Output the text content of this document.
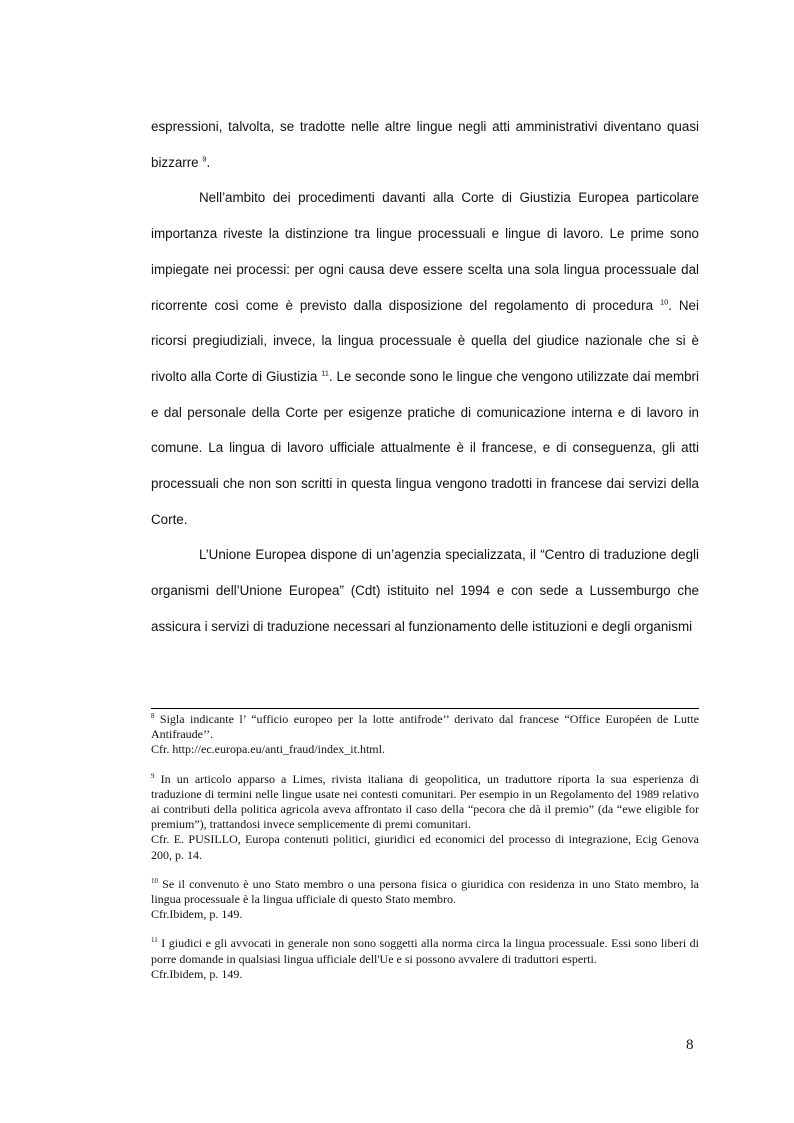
espressioni, talvolta, se tradotte nelle altre lingue negli atti amministrativi diventano quasi bizzarre $^9$.

Nell’ambito dei procedimenti davanti alla Corte di Giustizia Europea particolare importanza riveste la distinzione tra lingue processuali e lingue di lavoro. Le prime sono impiegate nei processi: per ogni causa deve essere scelta una sola lingua processuale dal ricorrente così come è previsto dalla disposizione del regolamento di procedura $^{10}$. Nei ricorsi pregiudiziali, invece, la lingua processuale è quella del giudice nazionale che si è rivolto alla Corte di Giustizia $^{11}$. Le seconde sono le lingue che vengono utilizzate dai membri e dal personale della Corte per esigenze pratiche di comunicazione interna e di lavoro in comune. La lingua di lavoro ufficiale attualmente è il francese, e di conseguenza, gli atti processuali che non son scritti in questa lingua vengono tradotti in francese dai servizi della Corte.

L’Unione Europea dispone di un’agenzia specializzata, il “Centro di traduzione degli organismi dell’Unione Europea” (Cdt) istituito nel 1994 e con sede a Lussemburgo che assicura i servizi di traduzione necessari al funzionamento delle istituzioni e degli organismi

$^8$ Sigla indicante l’ “ufficio europeo per la lotte antifrode’’ derivato dal francese “Office Européen de Lutte Antifraude’’.

Cfr. http://ec.europa.eu/anti_fraud/index_it.html.

$^9$ In un articolo apparso a Limes, rivista italiana di geopolitica, un traduttore riporta la sua esperienza di traduzione di termini nelle lingue usate nei contesti comunitari. Per esempio in un Regolamento del 1989 relativo ai contributi della politica agricola aveva affrontato il caso della “pecora che dà il premio” (da “ewe eligible for premium”), trattandosi invece semplicemente di premi comunitari.

Cfr. E. PUSILLO, Europa contenuti politici, giuridici ed economici del processo di integrazione, Ecig Genova 200, p. 14.

$^{10}$ Se il convenuto è uno Stato membro o una persona fisica o giuridica con residenza in uno Stato membro, la lingua processuale è la lingua ufficiale di questo Stato membro.

Cfr.Ibidem, p. 149.

$^{11}$ I giudici e gli avvocati in generale non sono soggetti alla norma circa la lingua processuale. Essi sono liberi di porre domande in qualsiasi lingua ufficiale dell'Ue e si possono avvalere di traduttori esperti.

Cfr.Ibidem, p. 149.

8
